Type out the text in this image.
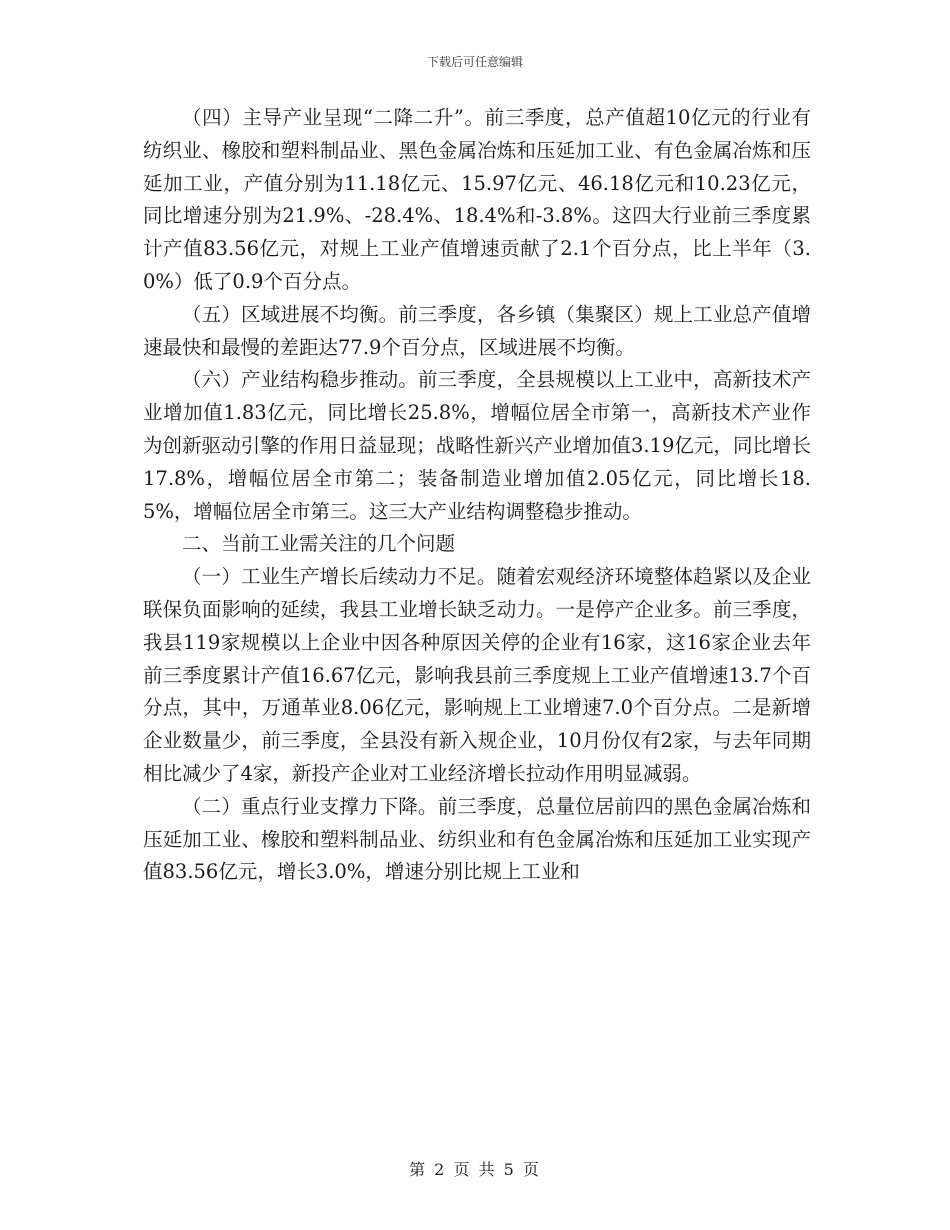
下载后可任意编辑

（四）主导产业呈现“二降二升”。前三季度，总产值超10亿元的行业有纺织业、橡胶和塑料制品业、黑色金属冶炼和压延加工业、有色金属冶炼和压延加工业，产值分别为11.18亿元、15.97亿元、46.18亿元和10.23亿元，同比增速分别为21.9%、-28.4%、18.4%和-3.8%。这四大行业前三季度累计产值83.56亿元，对规上工业产值增速贡献了2.1个百分点，比上半年（3.0%）低了0.9个百分点。

（五）区域进展不均衡。前三季度，各乡镇（集聚区）规上工业总产值增速最快和最慢的差距达77.9个百分点，区域进展不均衡。

（六）产业结构稳步推动。前三季度，全县规模以上工业中，高新技术产业增加值1.83亿元，同比增长25.8%，增幅位居全市第一，高新技术产业作为创新驱动引擎的作用日益显现；战略性新兴产业增加值3.19亿元，同比增长17.8%，增幅位居全市第二；装备制造业增加值2.05亿元，同比增长18.5%，增幅位居全市第三。这三大产业结构调整稳步推动。

二、当前工业需关注的几个问题

（一）工业生产增长后续动力不足。随着宏观经济环境整体趋紧以及企业联保负面影响的延续，我县工业增长缺乏动力。一是停产企业多。前三季度，我县119家规模以上企业中因各种原因关停的企业有16家，这16家企业去年前三季度累计产值16.67亿元，影响我县前三季度规上工业产值增速13.7个百分点，其中，万通革业8.06亿元，影响规上工业增速7.0个百分点。二是新增企业数量少，前三季度，全县没有新入规企业，10月份仅有2家，与去年同期相比减少了4家，新投产企业对工业经济增长拉动作用明显减弱。

（二）重点行业支撑力下降。前三季度，总量位居前四的黑色金属冶炼和压延加工业、橡胶和塑料制品业、纺织业和有色金属冶炼和压延加工业实现产值83.56亿元，增长3.0%，增速分别比规上工业和

第 2 页 共 5 页
